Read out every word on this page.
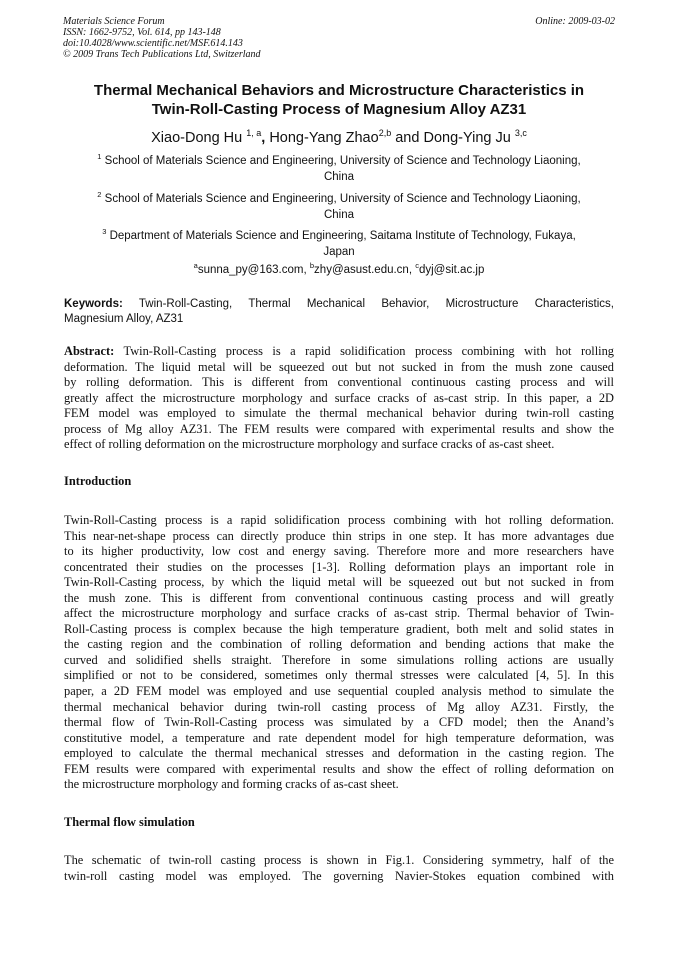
Materials Science Forum
ISSN: 1662-9752, Vol. 614, pp 143-148
doi:10.4028/www.scientific.net/MSF.614.143
© 2009 Trans Tech Publications Ltd, Switzerland
Online: 2009-03-02
Thermal Mechanical Behaviors and Microstructure Characteristics in
Twin-Roll-Casting Process of Magnesium Alloy AZ31
Xiao-Dong Hu $^{1, a}$, Hong-Yang Zhao$^{2,b}$ and Dong-Ying Ju $^{3,c}$
$^1$ School of Materials Science and Engineering, University of Science and Technology Liaoning,
China
$^2$ School of Materials Science and Engineering, University of Science and Technology Liaoning,
China
$^3$ Department of Materials Science and Engineering, Saitama Institute of Technology, Fukaya,
Japan
$^a$sunna_py@163.com, $^b$zhy@asust.edu.cn, $^c$dyj@sit.ac.jp
Keywords: Twin-Roll-Casting, Thermal Mechanical Behavior, Microstructure Characteristics,
Magnesium Alloy, AZ31
Abstract: Twin-Roll-Casting process is a rapid solidification process combining with hot rolling
deformation. The liquid metal will be squeezed out but not sucked in from the mush zone caused
by rolling deformation. This is different from conventional continuous casting process and will
greatly affect the microstructure morphology and surface cracks of as-cast strip. In this paper, a 2D
FEM model was employed to simulate the thermal mechanical behavior during twin-roll casting
process of Mg alloy AZ31. The FEM results were compared with experimental results and show the
effect of rolling deformation on the microstructure morphology and surface cracks of as-cast sheet.
Introduction
Twin-Roll-Casting process is a rapid solidification process combining with hot rolling deformation.
This near-net-shape process can directly produce thin strips in one step. It has more advantages due
to its higher productivity, low cost and energy saving. Therefore more and more researchers have
concentrated their studies on the processes [1-3]. Rolling deformation plays an important role in
Twin-Roll-Casting process, by which the liquid metal will be squeezed out but not sucked in from
the mush zone. This is different from conventional continuous casting process and will greatly
affect the microstructure morphology and surface cracks of as-cast strip. Thermal behavior of Twin-
Roll-Casting process is complex because the high temperature gradient, both melt and solid states in
the casting region and the combination of rolling deformation and bending actions that make the
curved and solidified shells straight. Therefore in some simulations rolling actions are usually
simplified or not to be considered, sometimes only thermal stresses were calculated [4, 5]. In this
paper, a 2D FEM model was employed and use sequential coupled analysis method to simulate the
thermal mechanical behavior during twin-roll casting process of Mg alloy AZ31. Firstly, the
thermal flow of Twin-Roll-Casting process was simulated by a CFD model; then the Anand’s
constitutive model, a temperature and rate dependent model for high temperature deformation, was
employed to calculate the thermal mechanical stresses and deformation in the casting region. The
FEM results were compared with experimental results and show the effect of rolling deformation on
the microstructure morphology and forming cracks of as-cast sheet.
Thermal flow simulation
The schematic of twin-roll casting process is shown in Fig.1. Considering symmetry, half of the
twin-roll casting model was employed. The governing Navier-Stokes equation combined with
